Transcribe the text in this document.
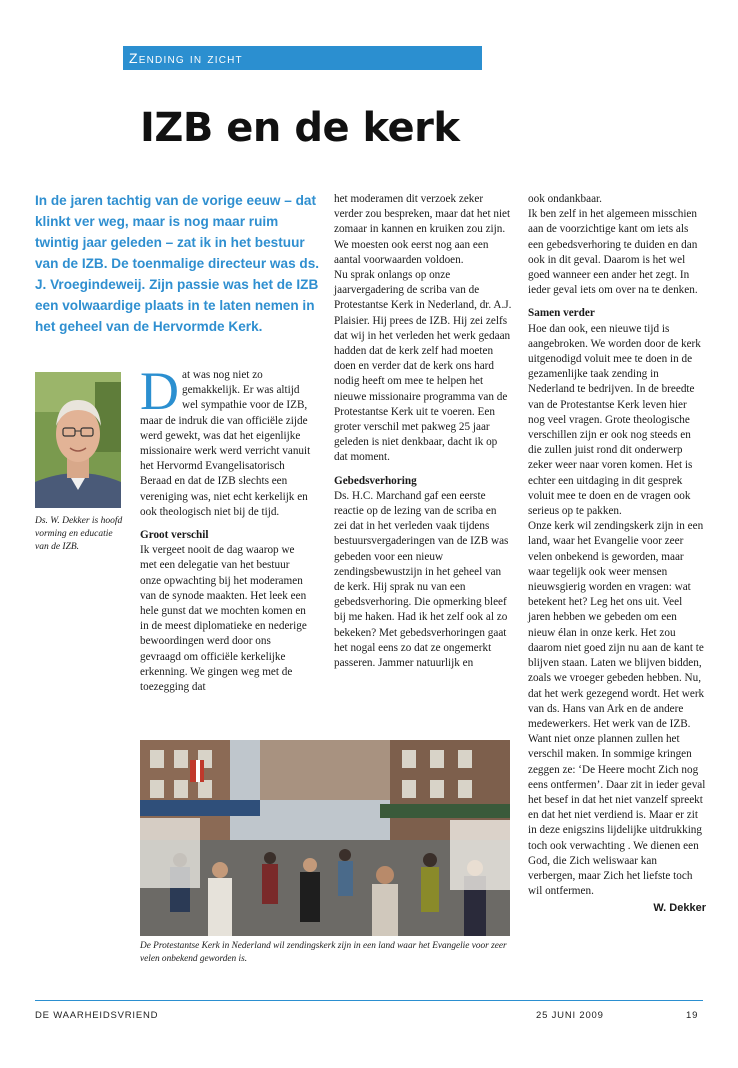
Zending in zicht
IZB en de kerk
In de jaren tachtig van de vorige eeuw – dat klinkt ver weg, maar is nog maar ruim twintig jaar geleden – zat ik in het bestuur van de IZB. De toenmalige directeur was ds. J. Vroegindeweij. Zijn passie was het de IZB een volwaardige plaats in te laten nemen in het geheel van de Hervormde Kerk.
Ds. W. Dekker is hoofd vorming en educatie van de IZB.

Dat was nog niet zo gemakkelijk. Er was altijd wel sympathie voor de IZB, maar de indruk die van officiële zijde werd gewekt, was dat het eigenlijke missionaire werk werd verricht vanuit het Hervormd Evangelisatorisch Beraad en dat de IZB slechts een vereniging was, niet echt kerkelijk en ook theologisch niet bij de tijd.

Groot verschil

Ik vergeet nooit de dag waarop we met een delegatie van het bestuur onze opwachting bij het moderamen van de synode maakten. Het leek een hele gunst dat we mochten komen en in de meest diplomatieke en nederige bewoordingen werd door ons gevraagd om officiële kerkelijke erkenning. We gingen weg met de toezegging dat

het moderamen dit verzoek zeker verder zou bespreken, maar dat het niet zomaar in kannen en kruiken zou zijn. We moesten ook eerst nog aan een aantal voorwaarden voldoen.

Nu sprak onlangs op onze jaarvergadering de scriba van de Protestantse Kerk in Nederland, dr. A.J. Plaisier. Hij prees de IZB. Hij zei zelfs dat wij in het verleden het werk gedaan hadden dat de kerk zelf had moeten doen en verder dat de kerk ons hard nodig heeft om mee te helpen het nieuwe missionaire programma van de Protestantse Kerk uit te voeren. Een groter verschil met pakweg 25 jaar geleden is niet denkbaar, dacht ik op dat moment.

Gebedsverhoring

Ds. H.C. Marchand gaf een eerste reactie op de lezing van de scriba en zei dat in het verleden vaak tijdens bestuursvergaderingen van de IZB was gebeden voor een nieuw zendingsbewustzijn in het geheel van de kerk. Hij sprak nu van een gebedsverhoring. Die opmerking bleef bij me haken. Had ik het zelf ook al zo bekeken? Met gebedsverhoringen gaat het nogal eens zo dat ze ongemerkt passeren. Jammer natuurlijk en

ook ondankbaar.
Ik ben zelf in het algemeen misschien aan de voorzichtige kant om iets als een gebedsverhoring te duiden en dan ook in dit geval. Daarom is het wel goed wanneer een ander het zegt. In ieder geval iets om over na te denken.

Samen verder

Hoe dan ook, een nieuwe tijd is aangebroken. We worden door de kerk uitgenodigd voluit mee te doen in de gezamenlijke taak zending in Nederland te bedrijven. In de breedte van de Protestantse Kerk leven hier nog veel vragen. Grote theologische verschillen zijn er ook nog steeds en die zullen juist rond dit onderwerp zeker weer naar voren komen. Het is echter een uitdaging in dit gesprek voluit mee te doen en de vragen ook serieus op te pakken.
Onze kerk wil zendingskerk zijn in een land, waar het Evangelie voor zeer velen onbekend is geworden, maar waar tegelijk ook weer mensen nieuwsgierig worden en vragen: wat betekent het? Leg het ons uit. Veel jaren hebben we gebeden om een nieuw élan in onze kerk. Het zou daarom niet goed zijn nu aan de kant te blijven staan. Laten we blijven bidden, zoals we vroeger gebeden hebben. Nu, dat het werk gezegend wordt. Het werk van ds. Hans van Ark en de andere medewerkers. Het werk van de IZB. Want niet onze plannen zullen het verschil maken. In sommige kringen zeggen ze: ‘De Heere mocht Zich nog eens ontfermen’. Daar zit in ieder geval het besef in dat het niet vanzelf spreekt en dat het niet verdiend is. Maar er zit in deze enigszins lijdelijke uitdrukking toch ook verwachting . We dienen een God, die Zich weliswaar kan verbergen, maar Zich het liefste toch wil ontfermen.

W. Dekker
De Protestantse Kerk in Nederland wil zendingskerk zijn in een land waar het Evangelie voor zeer velen onbekend geworden is.
DE WAARHEIDSVRIEND	25 JUNI 2009	19
